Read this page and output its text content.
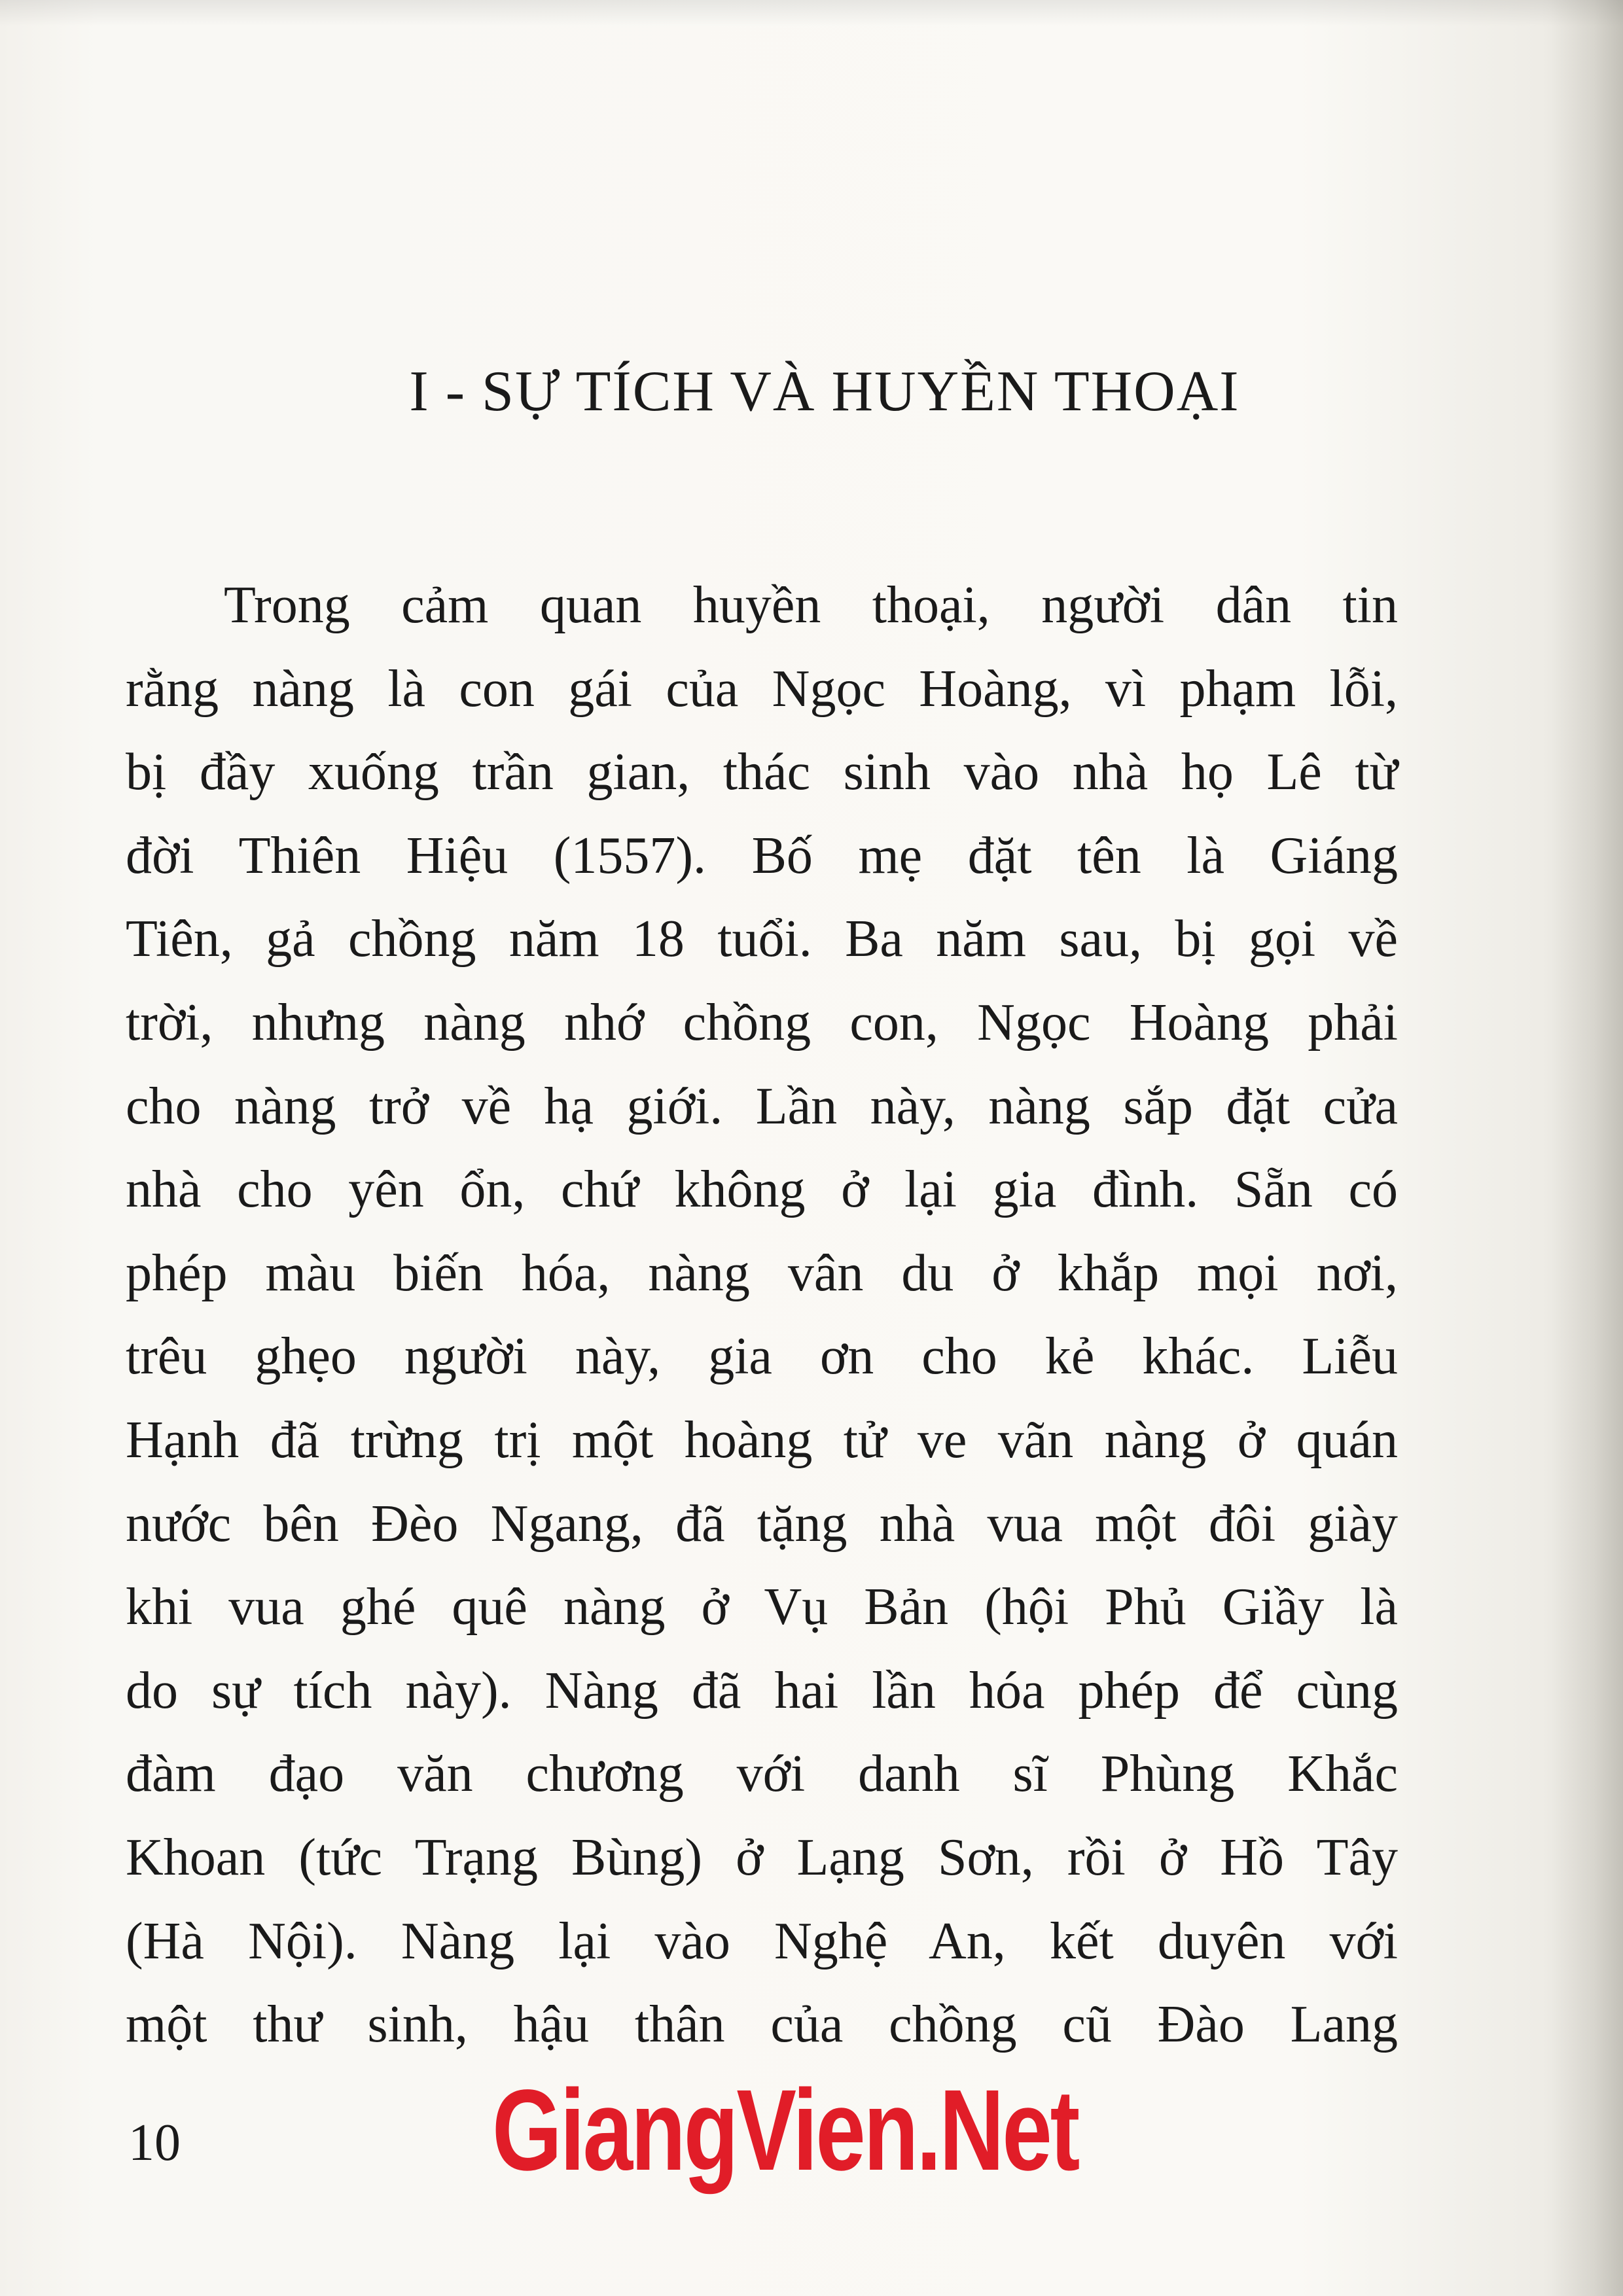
I - SỰ TÍCH VÀ HUYỀN THOẠI
Trong cảm quan huyền thoại, người dân tin
rằng nàng là con gái của Ngọc Hoàng, vì phạm lỗi,
bị đầy xuống trần gian, thác sinh vào nhà họ Lê từ
đời Thiên Hiệu (1557). Bố mẹ đặt tên là Giáng
Tiên, gả chồng năm 18 tuổi. Ba năm sau, bị gọi về
trời, nhưng nàng nhớ chồng con, Ngọc Hoàng phải
cho nàng trở về hạ giới. Lần này, nàng sắp đặt cửa
nhà cho yên ổn, chứ không ở lại gia đình. Sẵn có
phép màu biến hóa, nàng vân du ở khắp mọi nơi,
trêu ghẹo người này, gia ơn cho kẻ khác. Liễu
Hạnh đã trừng trị một hoàng tử ve vãn nàng ở quán
nước bên Đèo Ngang, đã tặng nhà vua một đôi giày
khi vua ghé quê nàng ở Vụ Bản (hội Phủ Giầy là
do sự tích này). Nàng đã hai lần hóa phép để cùng
đàm đạo văn chương với danh sĩ Phùng Khắc
Khoan (tức Trạng Bùng) ở Lạng Sơn, rồi ở Hồ Tây
(Hà Nội). Nàng lại vào Nghệ An, kết duyên với
một thư sinh, hậu thân của chồng cũ Đào Lang

10	GiangVien.Net
